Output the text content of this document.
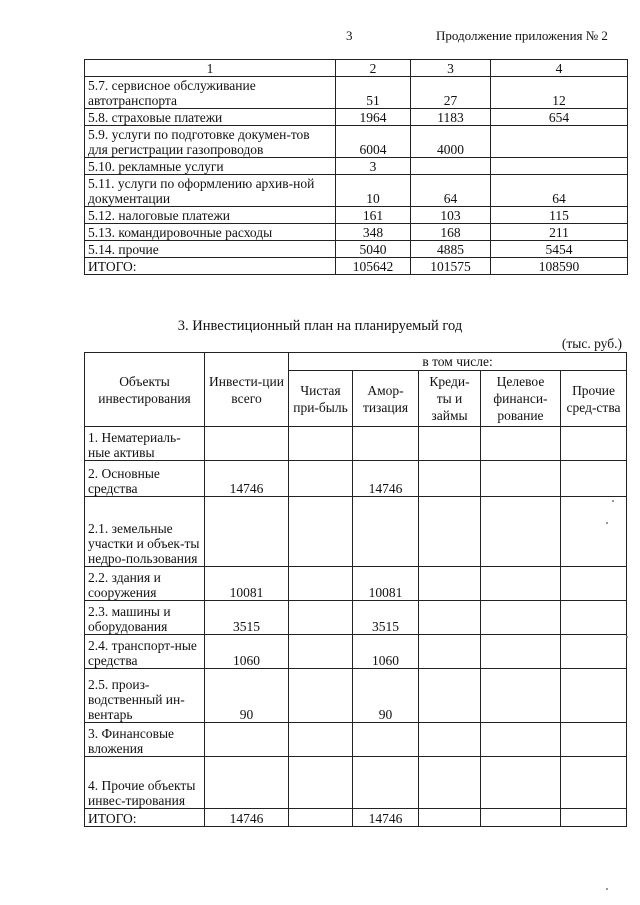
3	Продолжение приложения № 2
1	2	3	4
5.7. сервисное обслуживание автотранспорта	51	27	12
5.8. страховые платежи	1964	1183	654
5.9. услуги по подготовке докумен-тов для регистрации газопроводов	6004	4000	
5.10. рекламные услуги	3		
5.11. услуги по оформлению архив-ной документации	10	64	64
5.12. налоговые платежи	161	103	115
5.13. командировочные расходы	348	168	211
5.14. прочие	5040	4885	5454
ИТОГО:	105642	101575	108590
3. Инвестиционный план на планируемый год
(тыс. руб.)
Объекты инвестирования	Инвести-ции всего	в том числе:				
		Чистая при-быль	Амор-тизация	Креди-ты и займы	Целевое финанси-рование	Прочие сред-ства
1. Нематериаль-ные активы						
2. Основные средства	14746		14746			
2.1. земельные участки и объек-ты недро-пользования						
2.2. здания и сооружения	10081		10081			
2.3. машины и оборудования	3515		3515			
2.4. транспорт-ные средства	1060		1060			
2.5. произ-водственный ин-вентарь	90		90			
3. Финансовые вложения						
4. Прочие объекты инвес-тирования						
ИТОГО:	14746		14746			
